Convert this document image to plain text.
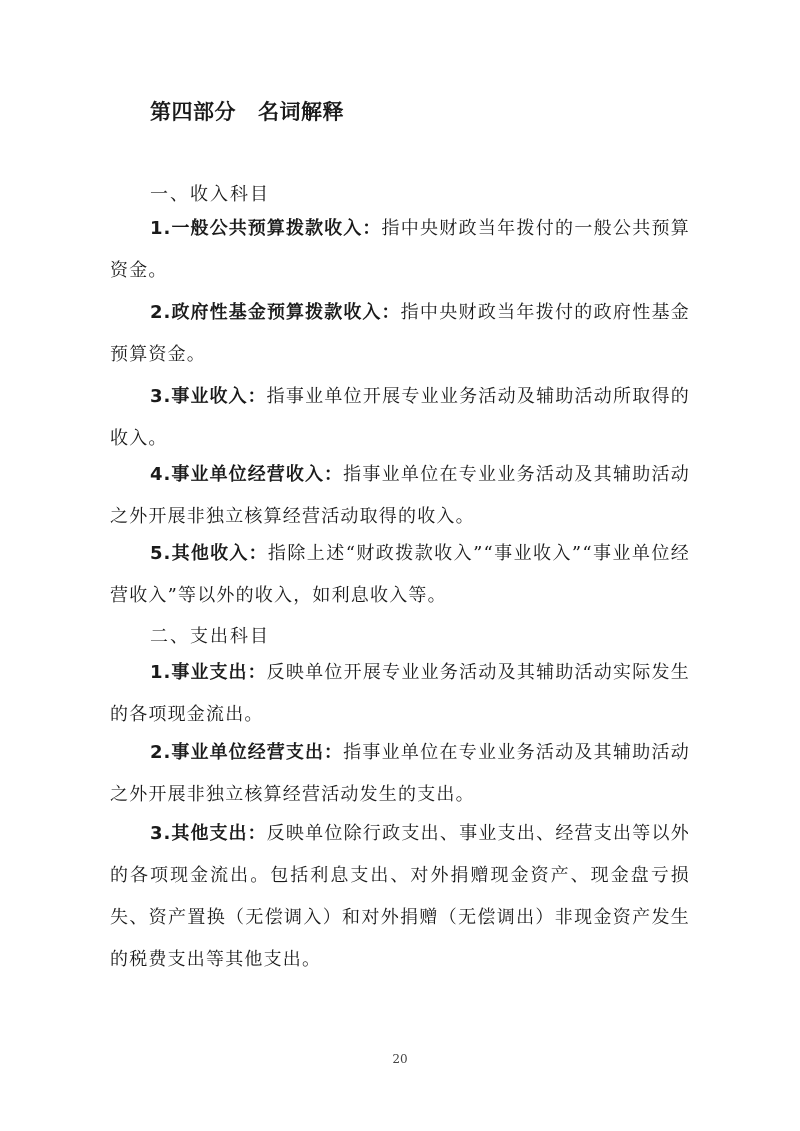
第四部分 名词解释
一、收入科目

1.一般公共预算拨款收入：指中央财政当年拨付的一般公共预算资金。

2.政府性基金预算拨款收入：指中央财政当年拨付的政府性基金预算资金。

3.事业收入：指事业单位开展专业业务活动及辅助活动所取得的收入。

4.事业单位经营收入：指事业单位在专业业务活动及其辅助活动之外开展非独立核算经营活动取得的收入。

5.其他收入：指除上述“财政拨款收入”“事业收入”“事业单位经营收入”等以外的收入，如利息收入等。

二、支出科目

1.事业支出：反映单位开展专业业务活动及其辅助活动实际发生的各项现金流出。

2.事业单位经营支出：指事业单位在专业业务活动及其辅助活动之外开展非独立核算经营活动发生的支出。

3.其他支出：反映单位除行政支出、事业支出、经营支出等以外的各项现金流出。包括利息支出、对外捐赠现金资产、现金盘亏损失、资产置换（无偿调入）和对外捐赠（无偿调出）非现金资产发生的税费支出等其他支出。

20
